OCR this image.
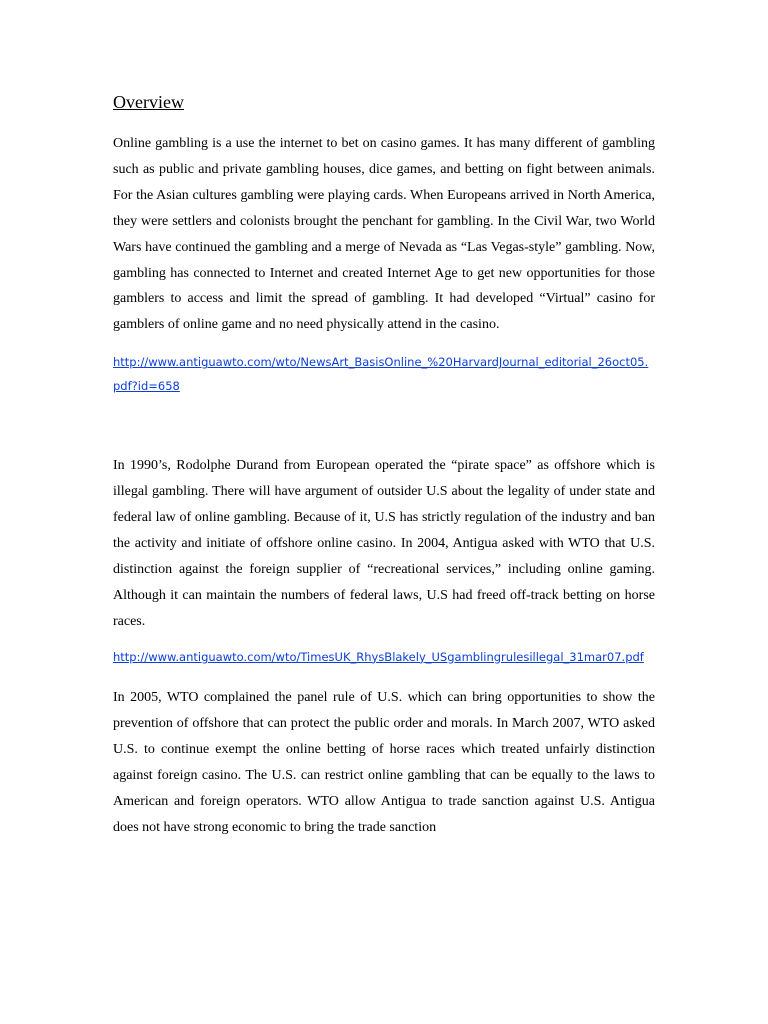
Overview

Online gambling is a use the internet to bet on casino games. It has many different of gambling such as public and private gambling houses, dice games, and betting on fight between animals. For the Asian cultures gambling were playing cards. When Europeans arrived in North America, they were settlers and colonists brought the penchant for gambling. In the Civil War, two World Wars have continued the gambling and a merge of Nevada as “Las Vegas-style” gambling. Now, gambling has connected to Internet and created Internet Age to get new opportunities for those gamblers to access and limit the spread of gambling. It had developed “Virtual” casino for gamblers of online game and no need physically attend in the casino.

http://www.antiguawto.com/wto/NewsArt_BasisOnline_%20HarvardJournal_editorial_26oct05.pdf?id=658

In 1990’s, Rodolphe Durand from European operated the “pirate space” as offshore which is illegal gambling. There will have argument of outsider U.S about the legality of under state and federal law of online gambling. Because of it, U.S has strictly regulation of the industry and ban the activity and initiate of offshore online casino. In 2004, Antigua asked with WTO that U.S. distinction against the foreign supplier of “recreational services,” including online gaming. Although it can maintain the numbers of federal laws, U.S had freed off-track betting on horse races.

http://www.antiguawto.com/wto/TimesUK_RhysBlakely_USgamblingrulesillegal_31mar07.pdf

In 2005, WTO complained the panel rule of U.S. which can bring opportunities to show the prevention of offshore that can protect the public order and morals. In March 2007, WTO asked U.S. to continue exempt the online betting of horse races which treated unfairly distinction against foreign casino. The U.S. can restrict online gambling that can be equally to the laws to American and foreign operators. WTO allow Antigua to trade sanction against U.S. Antigua does not have strong economic to bring the trade sanction
